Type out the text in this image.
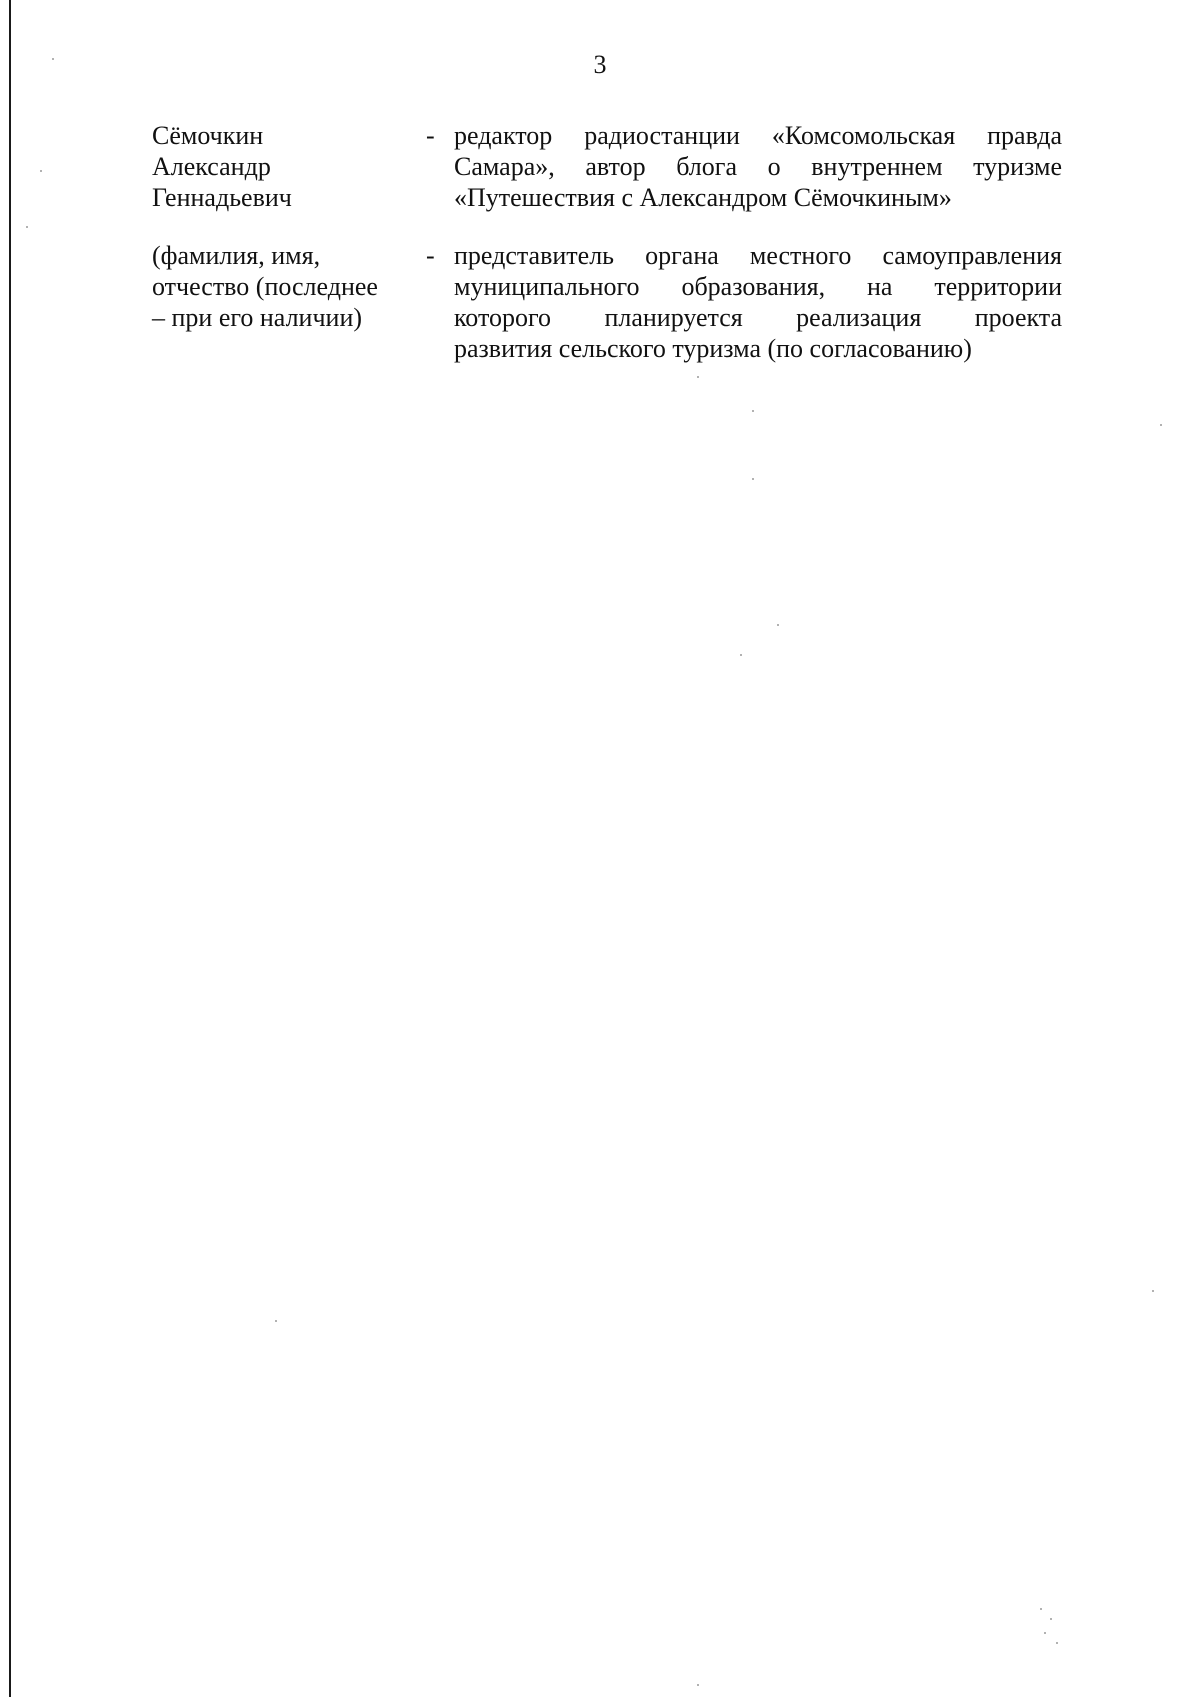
3
Сёмочкин
Александр
Геннадьевич
- редактор радиостанции «Комсомольская правда
Самара», автор блога о внутреннем туризме
«Путешествия с Александром Сёмочкиным»
(фамилия, имя,
отчество (последнее
– при его наличии)
- представитель органа местного самоуправления
муниципального образования, на территории
которого планируется реализация проекта
развития сельского туризма (по согласованию)
